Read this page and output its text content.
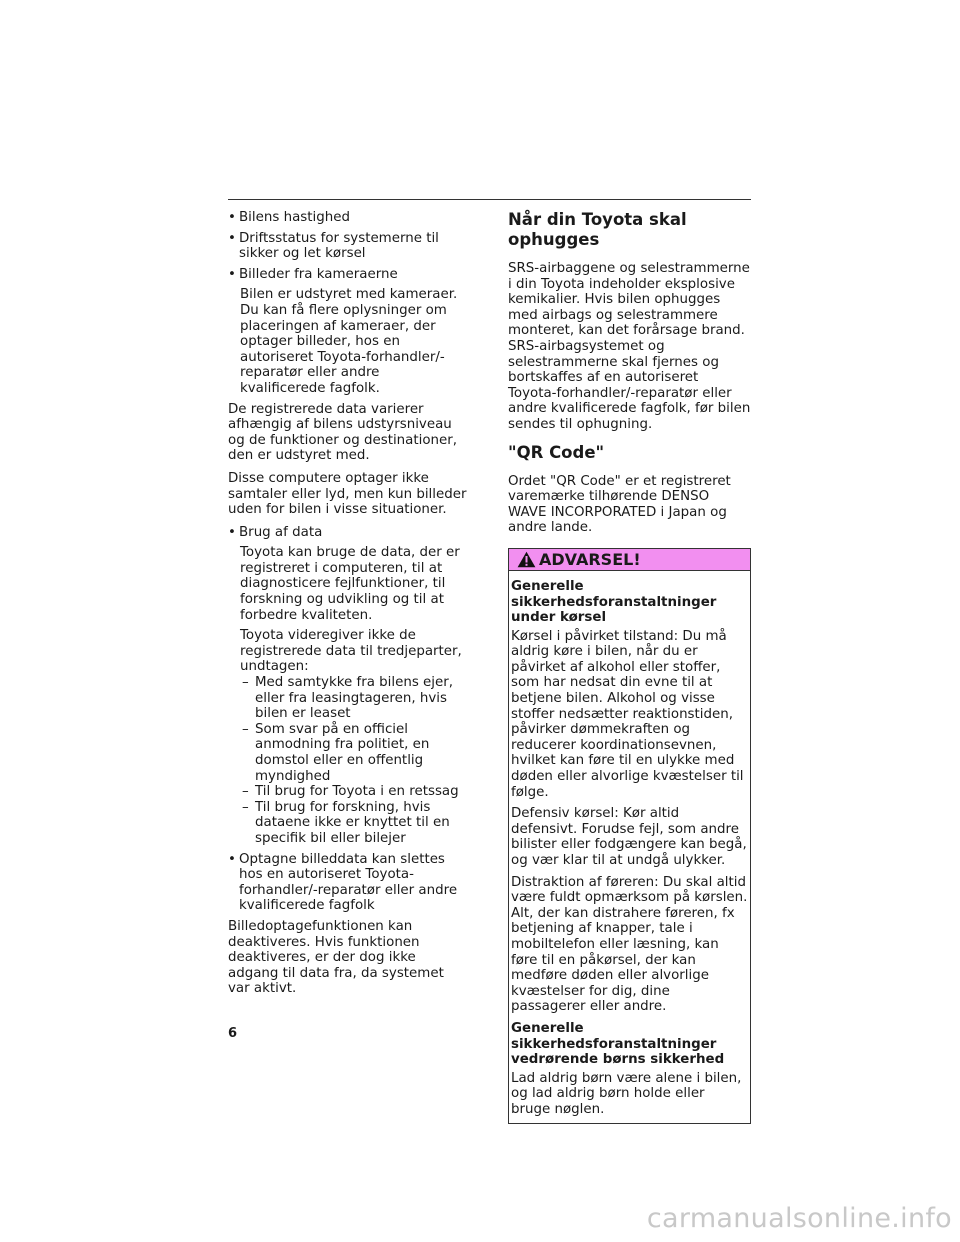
• Bilens hastighed
• Driftsstatus for systemerne til sikker og let kørsel
• Billeder fra kameraerne

Bilen er udstyret med kameraer. Du kan få flere oplysninger om placeringen af kameraer, der optager billeder, hos en autoriseret Toyota-forhandler/-reparatør eller andre kvalificerede fagfolk.

De registrerede data varierer afhængig af bilens udstyrsniveau og de funktioner og destinationer, den er udstyret med.

Disse computere optager ikke samtaler eller lyd, men kun billeder uden for bilen i visse situationer.

• Brug af data

Toyota kan bruge de data, der er registreret i computeren, til at diagnosticere fejlfunktioner, til forskning og udvikling og til at forbedre kvaliteten.

Toyota videregiver ikke de registrerede data til tredjeparter, undtagen:

– Med samtykke fra bilens ejer, eller fra leasingtageren, hvis bilen er leaset
– Som svar på en officiel anmodning fra politiet, en domstol eller en offentlig myndighed
– Til brug for Toyota i en retssag
– Til brug for forskning, hvis dataene ikke er knyttet til en specifik bil eller bilejer
• Optagne billeddata kan slettes hos en autoriseret Toyota-forhandler/-reparatør eller andre kvalificerede fagfolk

Billedoptagefunktionen kan deaktiveres. Hvis funktionen deaktiveres, er der dog ikke adgang til data fra, da systemet var aktivt.

Når din Toyota skal ophugges

SRS-airbaggene og selestrammerne i din Toyota indeholder eksplosive kemikalier. Hvis bilen ophugges med airbags og selestrammere monteret, kan det forårsage brand. SRS-airbagsystemet og selestrammerne skal fjernes og bortskaffes af en autoriseret Toyota-forhandler/-reparatør eller andre kvalificerede fagfolk, før bilen sendes til ophugning.

"QR Code"

Ordet "QR Code" er et registreret varemærke tilhørende DENSO WAVE INCORPORATED i Japan og andre lande.

ADVARSEL!

Generelle sikkerhedsforanstaltninger under kørsel

Kørsel i påvirket tilstand: Du må aldrig køre i bilen, når du er påvirket af alkohol eller stoffer, som har nedsat din evne til at betjene bilen. Alkohol og visse stoffer nedsætter reaktionstiden, påvirker dømmekraften og reducerer koordinationsevnen, hvilket kan føre til en ulykke med døden eller alvorlige kvæstelser til følge.

Defensiv kørsel: Kør altid defensivt. Forudse fejl, som andre bilister eller fodgængere kan begå, og vær klar til at undgå ulykker.

Distraktion af føreren: Du skal altid være fuldt opmærksom på kørslen. Alt, der kan distrahere føreren, fx betjening af knapper, tale i mobiltelefon eller læsning, kan føre til en påkørsel, der kan medføre døden eller alvorlige kvæstelser for dig, dine passagerer eller andre.

Generelle sikkerhedsforanstaltninger vedrørende børns sikkerhed

Lad aldrig børn være alene i bilen, og lad aldrig børn holde eller bruge nøglen.

6
carmanualsonline.info
